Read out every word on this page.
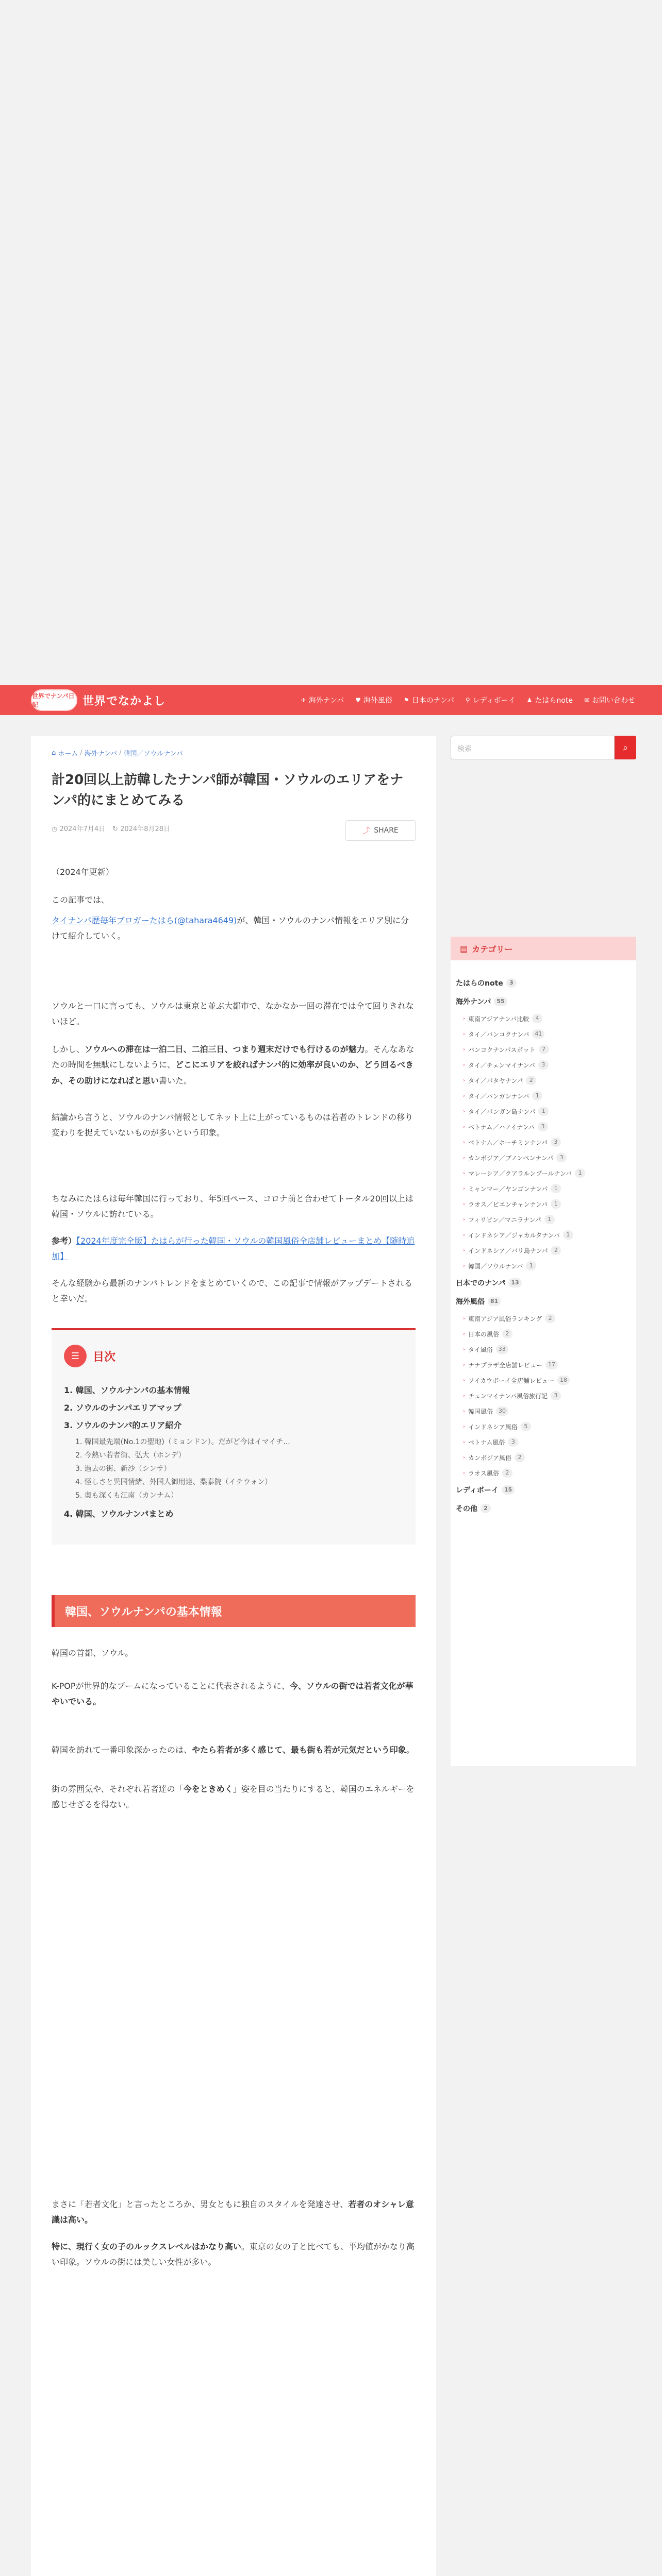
世界でナンパ日記	世界でなかよし	✈ 海外ナンパ ♥ 海外風俗 ⚑ 日本のナンパ ♀ レディボーイ ♟ たはらnote ✉ お問い合わせ
⌂ ホーム / 海外ナンパ / 韓国／ソウルナンパ
計20回以上訪韓したナンパ師が韓国・ソウルのエリアをナンパ的にまとめてみる
◷ 2024年7月4日 ↻ 2024年8月28日	⤴ SHARE

（2024年更新）

この記事では、

タイナンパ歴毎年ブロガーたはら(@tahara4649)が、韓国・ソウルのナンパ情報をエリア別に分けて紹介していく。

ソウルと一口に言っても、ソウルは東京と並ぶ大都市で、なかなか一回の滞在では全て回りきれないほど。

しかし、ソウルへの滞在は一泊二日、二泊三日、つまり週末だけでも行けるのが魅力。そんなあなたの時間を無駄にしないように、どこにエリアを絞ればナンパ的に効率が良いのか、どう回るべきか、その助けになればと思い書いた。

結論から言うと、ソウルのナンパ情報としてネット上に上がっているものは若者のトレンドの移り変わりを捉えていないものが多いという印象。

ちなみにたはらは毎年韓国に行っており、年5回ペース、コロナ前と合わせてトータル20回以上は韓国・ソウルに訪れている。

参考）【2024年度完全版】たはらが行った韓国・ソウルの韓国風俗全店舗レビューまとめ【随時追加】

そんな経験から最新のナンパトレンドをまとめていくので、この記事で情報がアップデートされると幸いだ。

☰	目次
1. 韓国、ソウルナンパの基本情報
2. ソウルのナンパエリアマップ
3. ソウルのナンパ的エリア紹介
1. 韓国最先端(No.1の聖地)（ミョンドン）。だがど今はイマイチ...
2. 今熱い若者街、弘大（ホンデ）
3. 過去の街、新沙（シンサ）
4. 怪しさと異国情緒、外国人御用達、梨泰院（イテウォン）
5. 奥も深くも江南（カンナム）
4. 韓国、ソウルナンパまとめ
韓国、ソウルナンパの基本情報

韓国の首都、ソウル。

K-POPが世界的なブームになっていることに代表されるように、今、ソウルの街では若者文化が華やいでいる。

韓国を訪れて一番印象深かったのは、やたら若者が多く感じて、最も街も若が元気だという印象。

街の雰囲気や、それぞれ若者達の「今をときめく」姿を目の当たりにすると、韓国のエネルギーを感じせざるを得ない。

まさに「若者文化」と言ったところか、男女ともに独自のスタイルを発達させ、若者のオシャレ意識は高い。

特に、現行く女の子のルックスレベルはかなり高い。東京の女の子と比べても、平均値がかなり高い印象。ソウルの街には美しい女性が多い。

検索	⌕
▤ カテゴリー
たはらのnote	3
海外ナンパ	55
› 東南アジアナンパ比較	4
› タイ／バンコクナンパ	41
› バンコクナンパスポット	7
› タイ／チェンマイナンパ	3
› タイ／パタヤナンパ	2
› タイ／パンガンナンパ	1
› タイ／パンガン島ナンパ	1
› ベトナム／ハノイナンパ	3
› ベトナム／ホーチミンナンパ	3
› カンボジア／プノンペンナンパ	3
› マレーシア／クアラルンプールナンパ	1
› ミャンマー／ヤンゴンナンパ	1
› ラオス／ビエンチャンナンパ	1
› フィリピン／マニラナンパ	1
› インドネシア／ジャカルタナンパ	1
› インドネシア／バリ島ナンパ	2
› 韓国／ソウルナンパ	1
日本でのナンパ	13
海外風俗	81
› 東南アジア風俗ランキング	2
› 日本の風俗	2
› タイ風俗	33
› ナナプラザ全店舗レビュー	17
› ソイカウボーイ全店舗レビュー	18
› チェンマイナンパ風俗旅行記	3
› 韓国風俗	30
› インドネシア風俗	5
› ベトナム風俗	3
› カンボジア風俗	2
› ラオス風俗	2
レディボーイ	15
その他	2
